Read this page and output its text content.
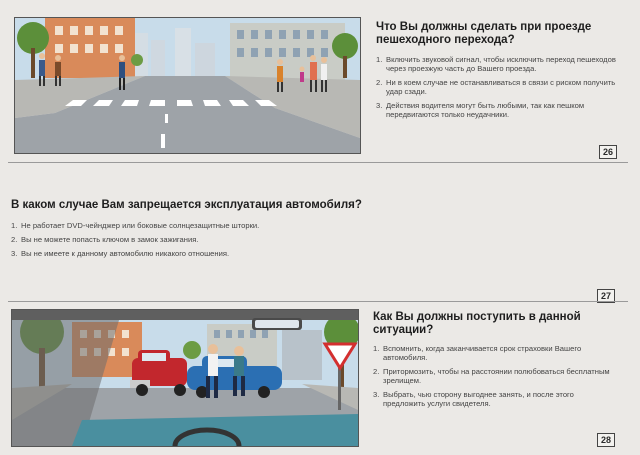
Что Вы должны сделать при проезде пешеходного перехода?
1. Включить звуковой сигнал, чтобы исключить переход пешеходов через проезжую часть до Вашего проезда.
2. Ни в коем случае не останавливаться в связи с риском получить удар сзади.
3. Действия водителя могут быть любыми, так как пешком передвигаются только неудачники.
26
В каком случае Вам запрещается эксплуатация автомобиля?
1. Не работает DVD-чейнджер или боковые солнцезащитные шторки.
2. Вы не можете попасть ключом в замок зажигания.
3. Вы не имеете к данному автомобилю никакого отношения.
27
Как Вы должны поступить в данной ситуации?
1. Вспомнить, когда заканчивается срок страховки Вашего автомобиля.
2. Притормозить, чтобы на расстоянии полюбоваться бесплатным зрелищем.
3. Выбрать, чью сторону выгоднее занять, и после этого предложить услуги свидетеля.
28
